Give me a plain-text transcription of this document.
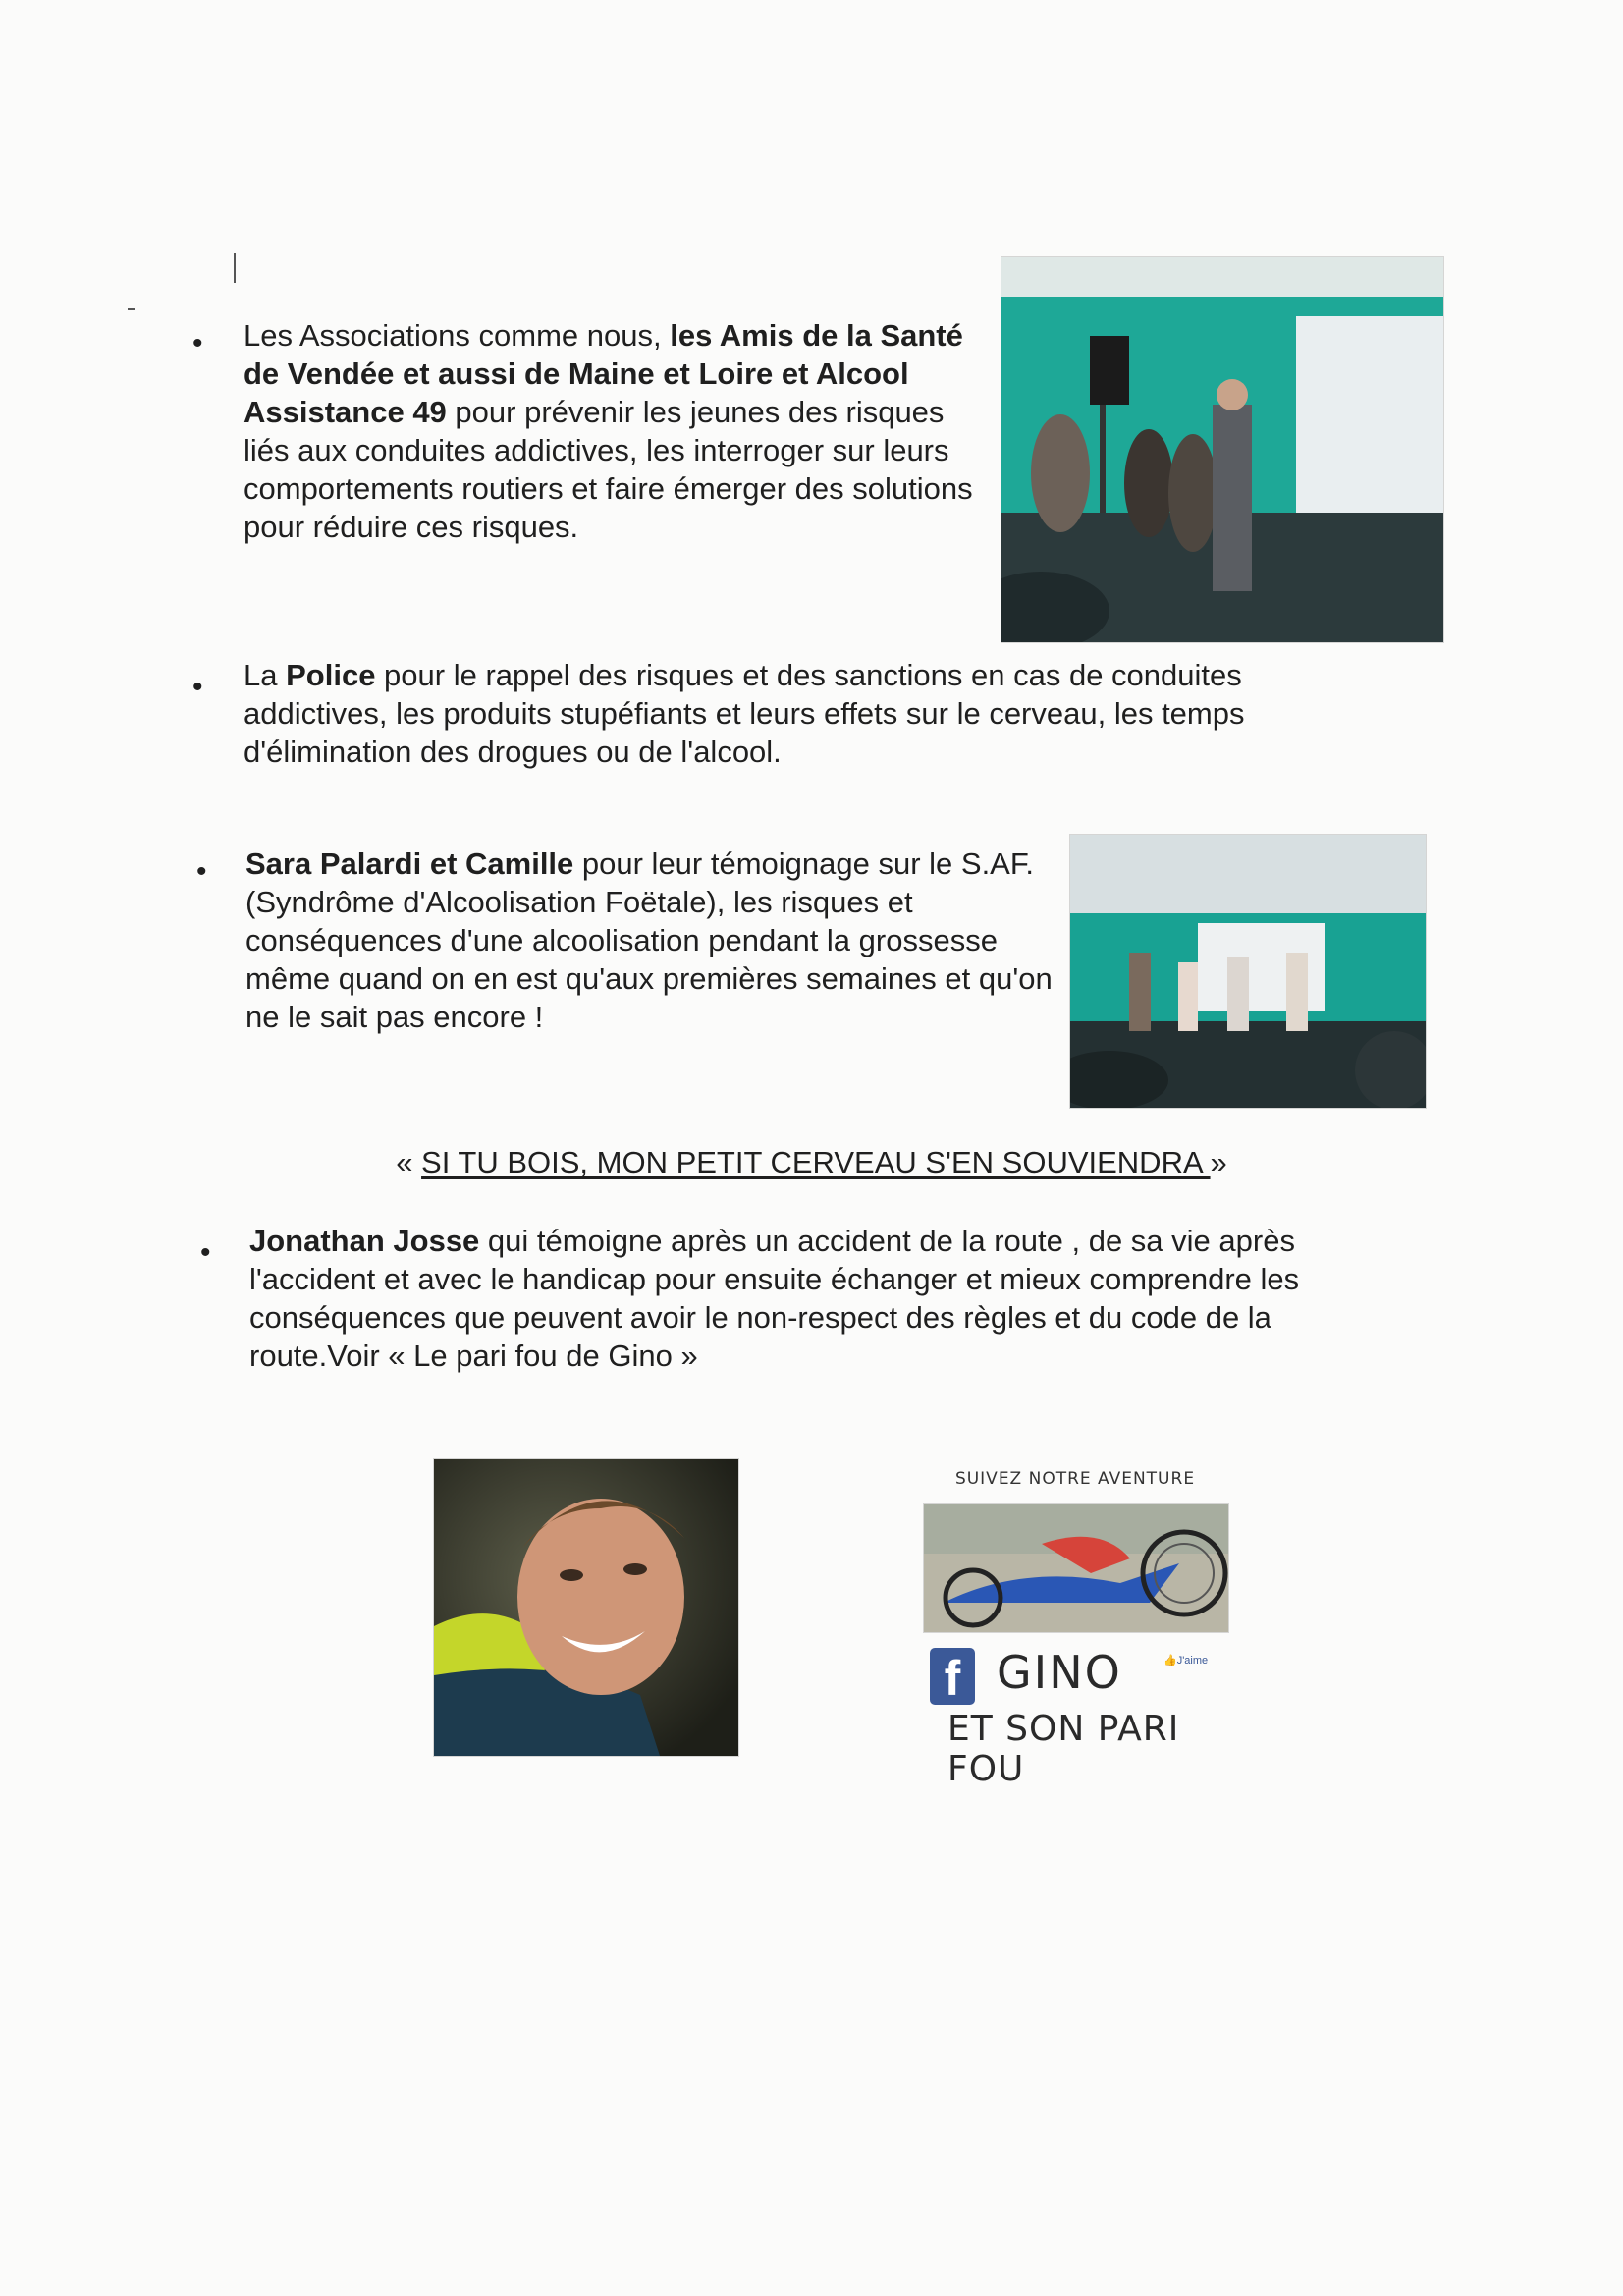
• Les Associations comme nous, les Amis de la Santé de Vendée et aussi de Maine et Loire et Alcool Assistance 49 pour prévenir les jeunes des risques liés aux conduites addictives, les interroger sur leurs comportements routiers et faire émerger des solutions pour réduire ces risques.

• La Police pour le rappel des risques et des sanctions en cas de conduites addictives, les produits stupéfiants et leurs effets sur le cerveau, les temps d'élimination des drogues ou de l'alcool.

• Sara Palardi et Camille pour leur témoignage sur le S.AF. (Syndrôme d'Alcoolisation Foëtale), les risques et conséquences d'une alcoolisation pendant la grossesse même quand on en est qu'aux premières semaines et qu'on ne le sait pas encore !

« SI TU BOIS, MON PETIT CERVEAU S'EN SOUVIENDRA »
• Jonathan Josse qui témoigne après un accident de la route , de sa vie après l'accident et avec le handicap pour ensuite échanger et mieux comprendre les conséquences que peuvent avoir le non-respect des règles et du code de la route.Voir « Le pari fou de Gino »

SUIVEZ NOTRE AVENTURE
f GINO	👍J'aime
ET SON PARI FOU
